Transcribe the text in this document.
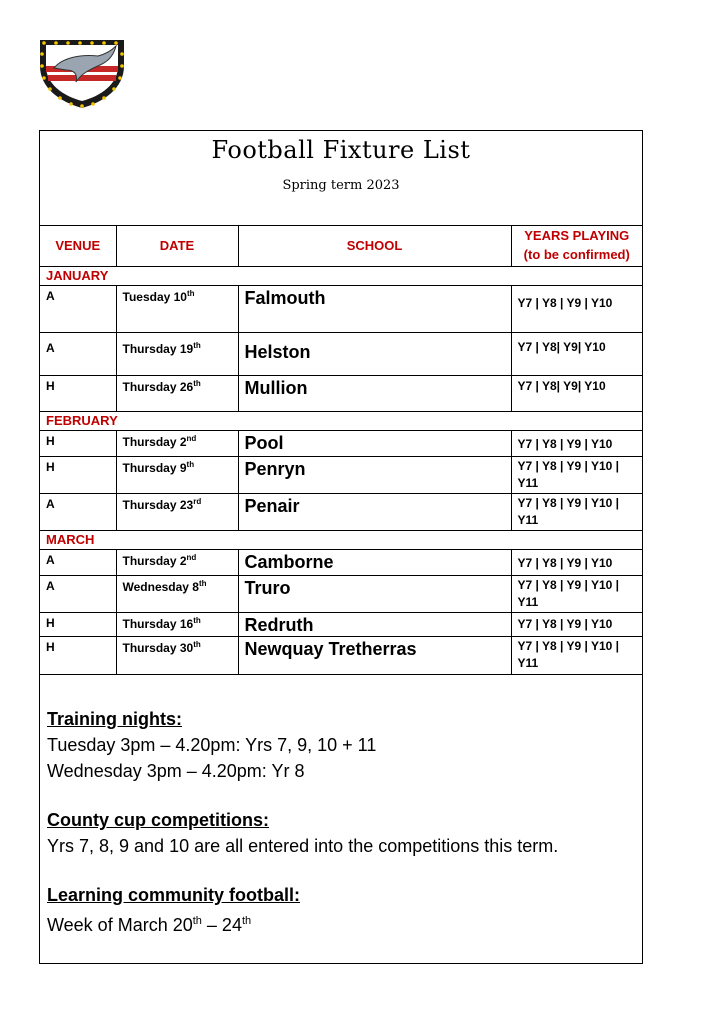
Football Fixture List
Spring term 2023
VENUE	DATE	SCHOOL	YEARS PLAYING
(to be confirmed)
JANUARY			
A	Tuesday 10th	Falmouth	Y7 | Y8 | Y9 | Y10
A	Thursday 19th	Helston	Y7 | Y8| Y9| Y10
H	Thursday 26th	Mullion	Y7 | Y8| Y9| Y10
FEBRUARY			
H	Thursday 2nd	Pool	Y7 | Y8 | Y9 | Y10
H	Thursday 9th	Penryn	Y7 | Y8 | Y9 | Y10 | Y11
A	Thursday 23rd	Penair	Y7 | Y8 | Y9 | Y10 | Y11
MARCH			
A	Thursday 2nd	Camborne	Y7 | Y8 | Y9 | Y10
A	Wednesday 8th	Truro	Y7 | Y8 | Y9 | Y10 | Y11
H	Thursday 16th	Redruth	Y7 | Y8 | Y9 | Y10
H	Thursday 30th	Newquay Tretherras	Y7 | Y8 | Y9 | Y10 | Y11
Training nights:
Tuesday 3pm – 4.20pm: Yrs 7, 9, 10 + 11
Wednesday 3pm – 4.20pm: Yr 8
County cup competitions:
Yrs 7, 8, 9 and 10 are all entered into the competitions this term.
Learning community football:
Week of March 20th – 24th
